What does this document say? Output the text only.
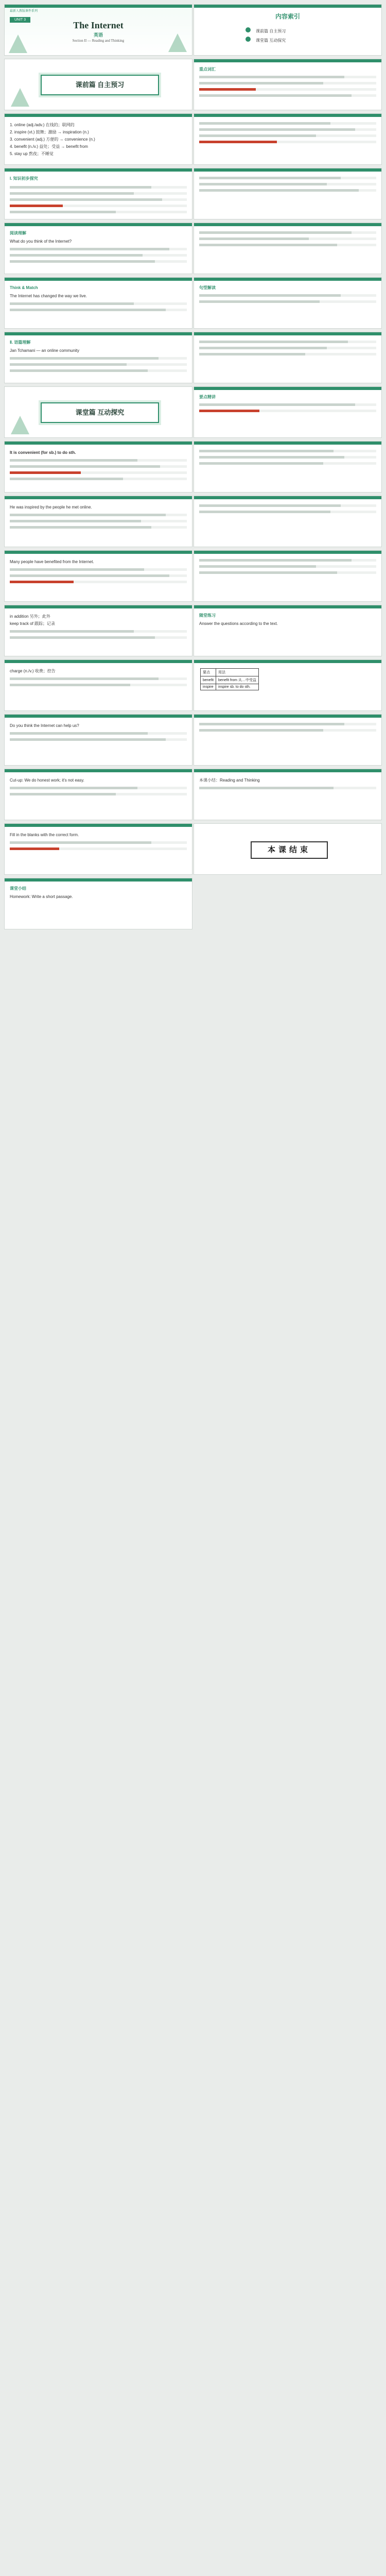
最新人教版课件系列
UNIT 3
The Internet
英语
Section II — Reading and Thinking
课前篇 自主预习
1. online (adj./adv.) 在线的；联网的
2. inspire (vt.) 鼓舞；激励 → inspiration (n.)
3. convenient (adj.) 方便的 → convenience (n.)
4. benefit (n./v.) 益处；受益 → benefit from
5. stay up 熬夜；不睡觉
I. 知识初步探究
阅读理解
What do you think of the Internet?
Think & Match
The Internet has changed the way we live.
Ⅱ. 语篇理解
Jan Tchamani — an online community
课堂篇 互动探究
It is convenient (for sb.) to do sth.
He was inspired by the people he met online.
Many people have benefited from the Internet.
in addition 另外；此外
keep track of 跟踪；记录
charge (n./v.) 收费；控告
Do you think the Internet can help us?
Cut-up: We do honest work; it's not easy.
Fill in the blanks with the correct form.
课堂小结
Homework: Write a short passage.
内容索引
课前篇 自主预习
课堂篇 互动探究
重点词汇
句型解读
要点精讲
随堂练习
Answer the questions according to the text.
要点	用法
benefit	benefit from 从…中受益
inspire	inspire sb. to do sth.
本课小结：Reading and Thinking
本课结束
